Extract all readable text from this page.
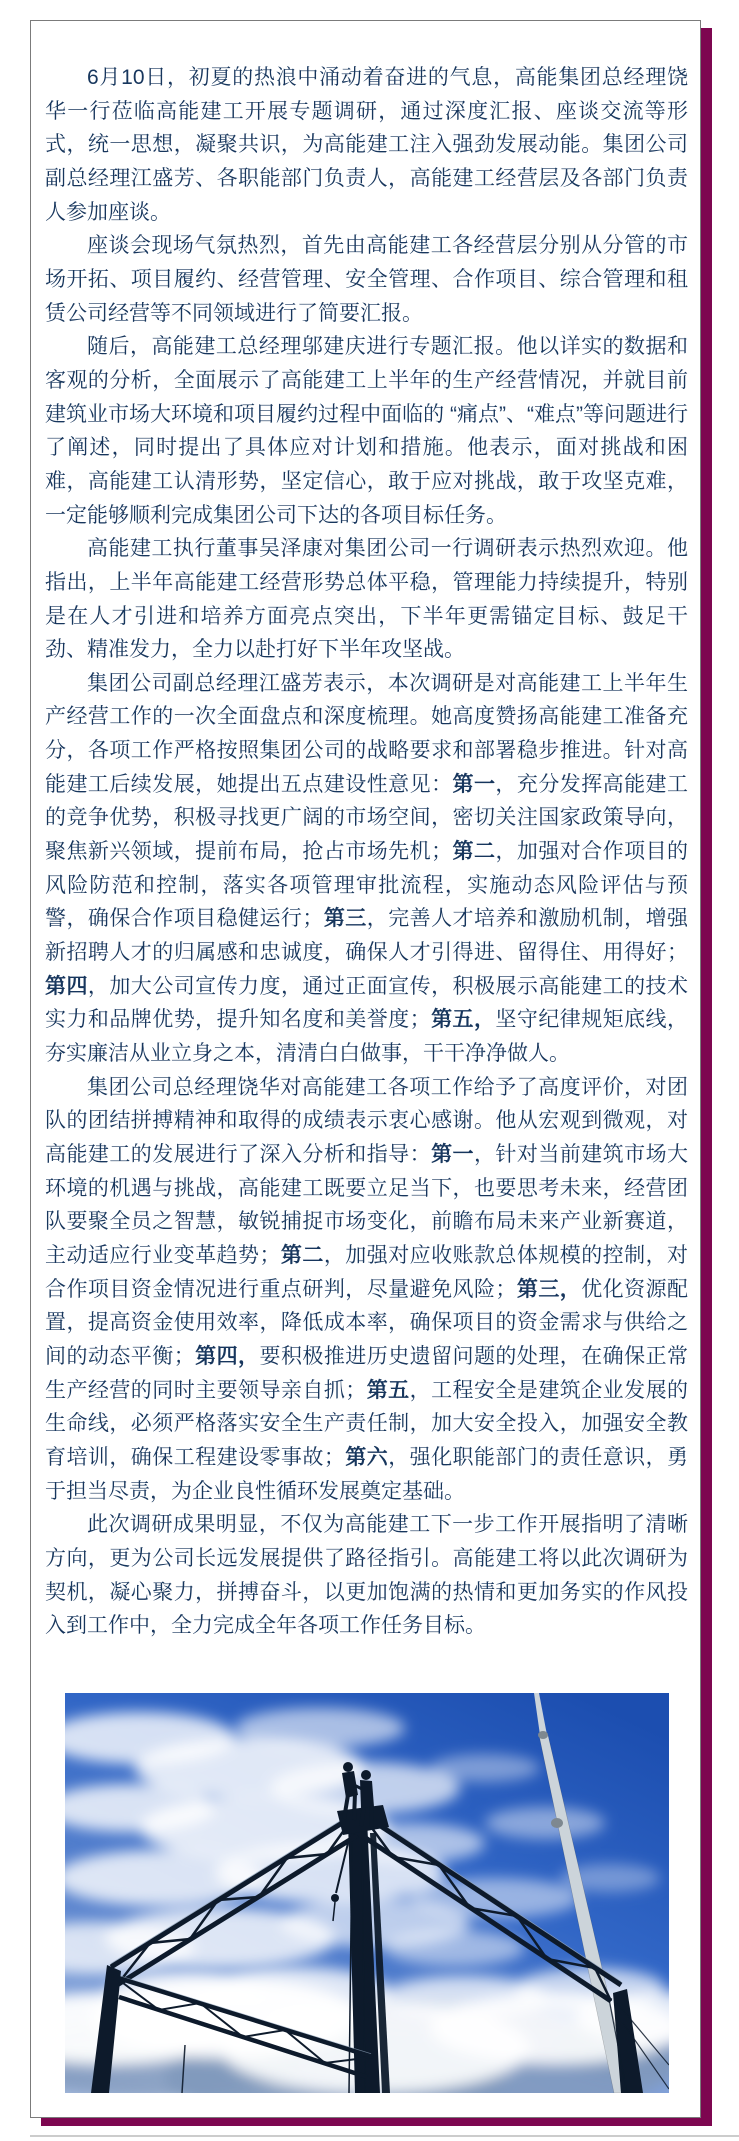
6月10日，初夏的热浪中涌动着奋进的气息，高能集团总经理饶华一行莅临高能建工开展专题调研，通过深度汇报、座谈交流等形式，统一思想，凝聚共识，为高能建工注入强劲发展动能。集团公司副总经理江盛芳、各职能部门负责人，高能建工经营层及各部门负责人参加座谈。

座谈会现场气氛热烈，首先由高能建工各经营层分别从分管的市场开拓、项目履约、经营管理、安全管理、合作项目、综合管理和租赁公司经营等不同领域进行了简要汇报。

随后，高能建工总经理邬建庆进行专题汇报。他以详实的数据和客观的分析，全面展示了高能建工上半年的生产经营情况，并就目前建筑业市场大环境和项目履约过程中面临的 “痛点”、“难点”等问题进行了阐述，同时提出了具体应对计划和措施。他表示，面对挑战和困难，高能建工认清形势，坚定信心，敢于应对挑战，敢于攻坚克难，一定能够顺利完成集团公司下达的各项目标任务。

高能建工执行董事吴泽康对集团公司一行调研表示热烈欢迎。他指出，上半年高能建工经营形势总体平稳，管理能力持续提升，特别是在人才引进和培养方面亮点突出，下半年更需锚定目标、鼓足干劲、精准发力，全力以赴打好下半年攻坚战。

集团公司副总经理江盛芳表示，本次调研是对高能建工上半年生产经营工作的一次全面盘点和深度梳理。她高度赞扬高能建工准备充分，各项工作严格按照集团公司的战略要求和部署稳步推进。针对高能建工后续发展，她提出五点建设性意见：第一，充分发挥高能建工的竞争优势，积极寻找更广阔的市场空间，密切关注国家政策导向，聚焦新兴领域，提前布局，抢占市场先机；第二，加强对合作项目的风险防范和控制，落实各项管理审批流程，实施动态风险评估与预警，确保合作项目稳健运行；第三，完善人才培养和激励机制，增强新招聘人才的归属感和忠诚度，确保人才引得进、留得住、用得好；第四，加大公司宣传力度，通过正面宣传，积极展示高能建工的技术实力和品牌优势，提升知名度和美誉度；第五，坚守纪律规矩底线，夯实廉洁从业立身之本，清清白白做事，干干净净做人。

集团公司总经理饶华对高能建工各项工作给予了高度评价，对团队的团结拼搏精神和取得的成绩表示衷心感谢。他从宏观到微观，对高能建工的发展进行了深入分析和指导：第一，针对当前建筑市场大环境的机遇与挑战，高能建工既要立足当下，也要思考未来，经营团队要聚全员之智慧，敏锐捕捉市场变化，前瞻布局未来产业新赛道，主动适应行业变革趋势；第二，加强对应收账款总体规模的控制，对合作项目资金情况进行重点研判，尽量避免风险；第三，优化资源配置，提高资金使用效率，降低成本率，确保项目的资金需求与供给之间的动态平衡；第四，要积极推进历史遗留问题的处理，在确保正常生产经营的同时主要领导亲自抓；第五，工程安全是建筑企业发展的生命线，必须严格落实安全生产责任制，加大安全投入，加强安全教育培训，确保工程建设零事故；第六，强化职能部门的责任意识，勇于担当尽责，为企业良性循环发展奠定基础。

此次调研成果明显，不仅为高能建工下一步工作开展指明了清晰方向，更为公司长远发展提供了路径指引。高能建工将以此次调研为契机，凝心聚力，拼搏奋斗，以更加饱满的热情和更加务实的作风投入到工作中，全力完成全年各项工作任务目标。
